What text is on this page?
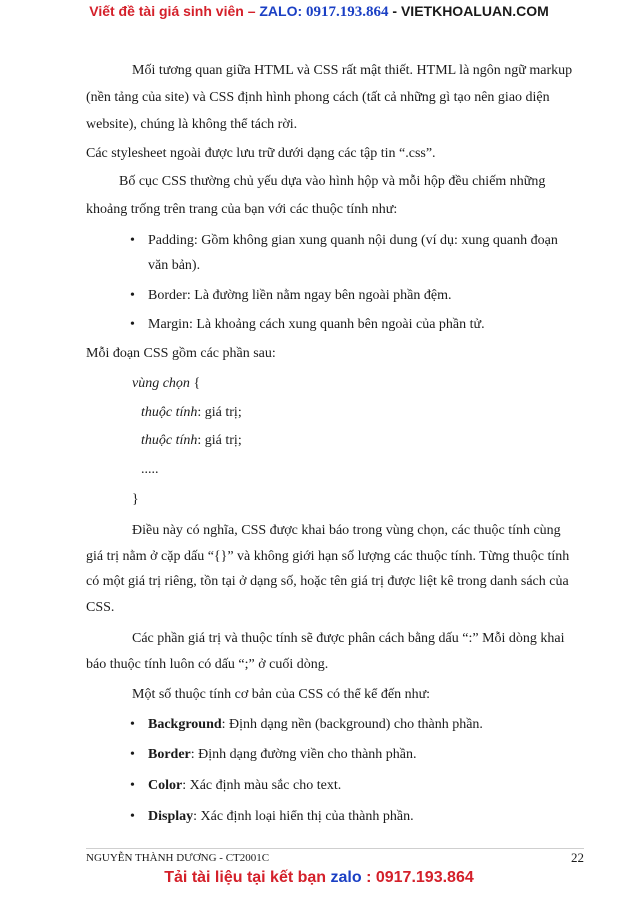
Viết đề tài giá sinh viên – ZALO: 0917.193.864 - VIETKHOALUAN.COM
Mối tương quan giữa HTML và CSS rất mật thiết. HTML là ngôn ngữ markup
(nền tảng của site) và CSS định hình phong cách (tất cả những gì tạo nên giao diện
website), chúng là không thể tách rời.
Các stylesheet ngoài được lưu trữ dưới dạng các tập tin “.css”.
Bố cục CSS thường chủ yếu dựa vào hình hộp và mỗi hộp đều chiếm những
khoảng trống trên trang của bạn với các thuộc tính như:
• Padding: Gồm không gian xung quanh nội dung (ví dụ: xung quanh đoạn
văn bản).
• Border: Là đường liền nằm ngay bên ngoài phần đệm.
• Margin: Là khoảng cách xung quanh bên ngoài của phần tử.
Mỗi đoạn CSS gồm các phần sau:
vùng chọn {
thuộc tính: giá trị;
thuộc tính: giá trị;
.....
}
Điều này có nghĩa, CSS được khai báo trong vùng chọn, các thuộc tính cùng
giá trị nằm ở cặp dấu “{}” và không giới hạn số lượng các thuộc tính. Từng thuộc tính
có một giá trị riêng, tồn tại ở dạng số, hoặc tên giá trị được liệt kê trong danh sách của
CSS.
Các phần giá trị và thuộc tính sẽ được phân cách bằng dấu “:” Mỗi dòng khai
báo thuộc tính luôn có dấu “;” ở cuối dòng.
Một số thuộc tính cơ bản của CSS có thể kể đến như:
• Background: Định dạng nền (background) cho thành phần.
• Border: Định dạng đường viền cho thành phần.
• Color: Xác định màu sắc cho text.
• Display: Xác định loại hiển thị của thành phần.
NGUYỄN THÀNH DƯƠNG - CT2001C	22
Tải tài liệu tại kết bạn zalo : 0917.193.864
